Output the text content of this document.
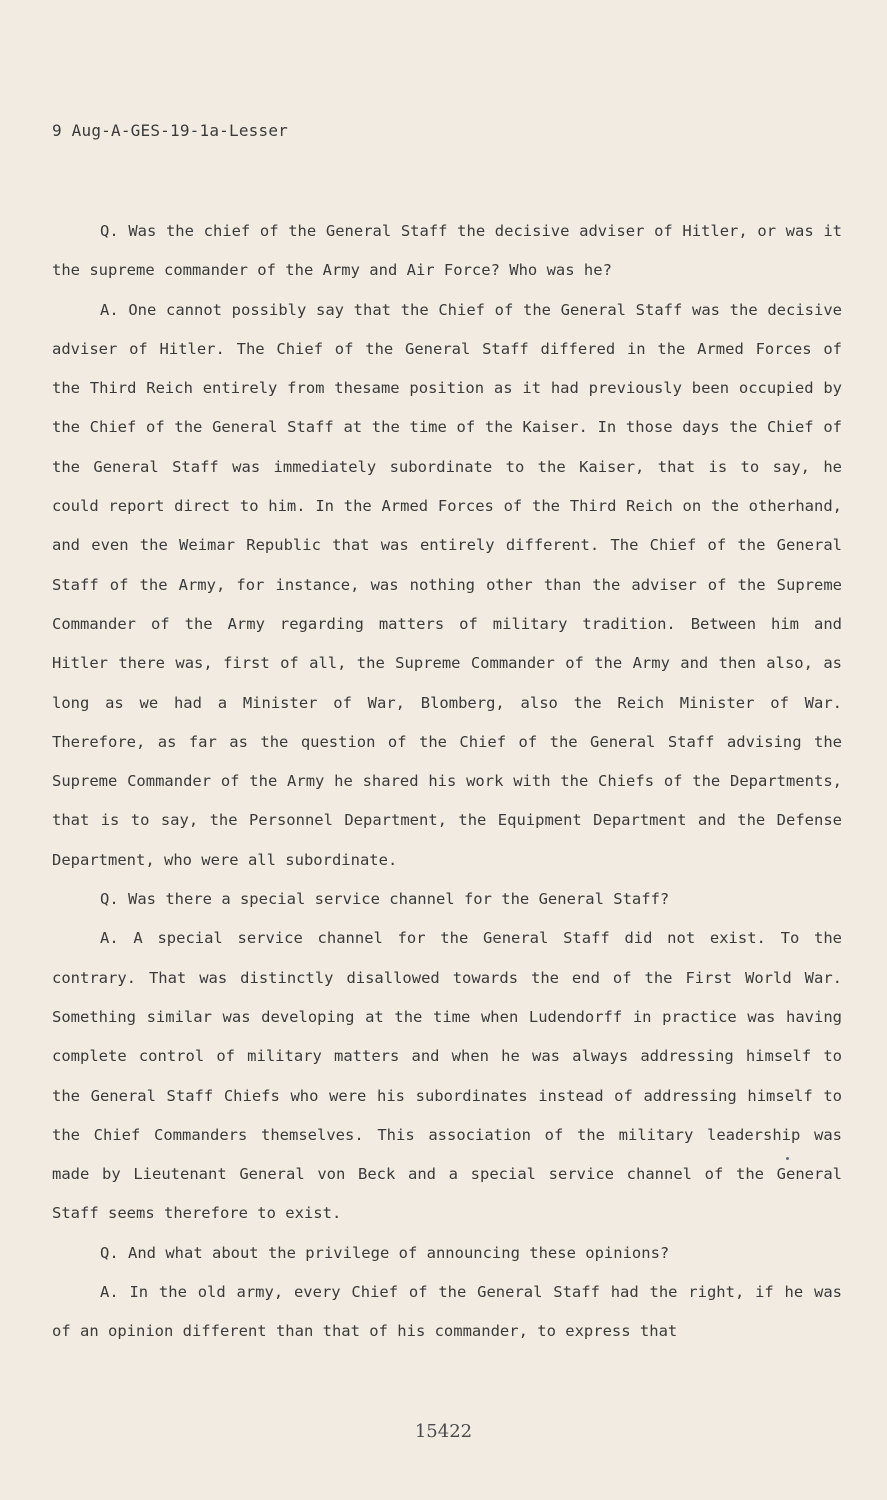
9 Aug-A-GES-19-1a-Lesser

Q. Was the chief of the General Staff the decisive adviser of Hitler, or was it the supreme commander of the Army and Air Force? Who was he?

A. One cannot possibly say that the Chief of the General Staff was the decisive adviser of Hitler. The Chief of the General Staff differed in the Armed Forces of the Third Reich entirely from thesame position as it had previously been occupied by the Chief of the General Staff at the time of the Kaiser. In those days the Chief of the General Staff was immediately subordinate to the Kaiser, that is to say, he could report direct to him. In the Armed Forces of the Third Reich on the otherhand, and even the Weimar Republic that was entirely different. The Chief of the General Staff of the Army, for instance, was nothing other than the adviser of the Supreme Commander of the Army regarding matters of military tradition. Between him and Hitler there was, first of all, the Supreme Commander of the Army and then also, as long as we had a Minister of War, Blomberg, also the Reich Minister of War. Therefore, as far as the question of the Chief of the General Staff advising the Supreme Commander of the Army he shared his work with the Chiefs of the Departments, that is to say, the Personnel Department, the Equipment Department and the Defense Department, who were all subordinate.

Q. Was there a special service channel for the General Staff?

A. A special service channel for the General Staff did not exist. To the contrary. That was distinctly disallowed towards the end of the First World War. Something similar was developing at the time when Ludendorff in practice was having complete control of military matters and when he was always addressing himself to the General Staff Chiefs who were his subordinates instead of addressing himself to the Chief Commanders themselves. This association of the military leadership was made by Lieutenant General von Beck and a special service channel of the General Staff seems therefore to exist.

Q. And what about the privilege of announcing these opinions?

A. In the old army, every Chief of the General Staff had the right, if he was of an opinion different than that of his commander, to express that

15422
